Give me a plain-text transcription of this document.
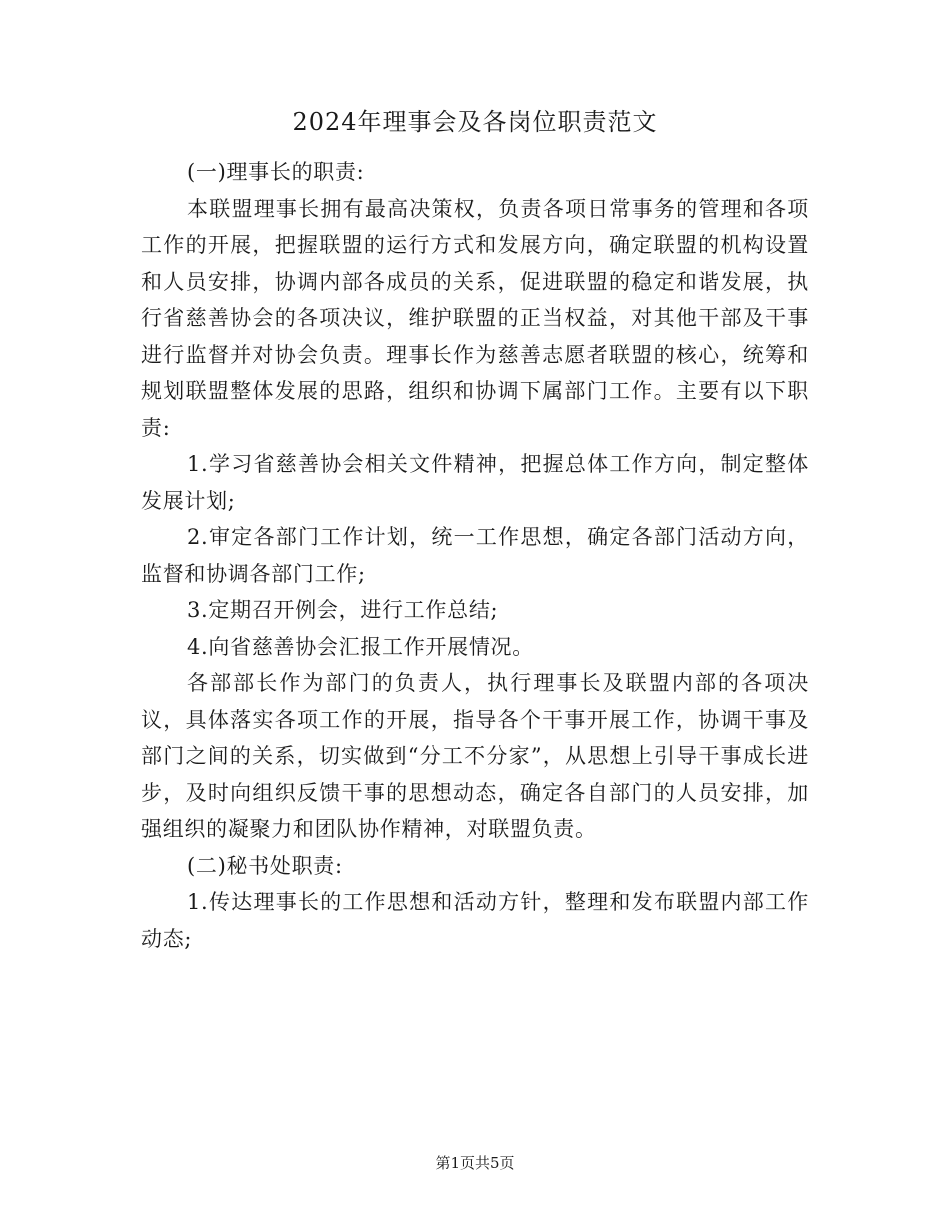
2024年理事会及各岗位职责范文

(一)理事长的职责:

本联盟理事长拥有最高决策权，负责各项日常事务的管理和各项工作的开展，把握联盟的运行方式和发展方向，确定联盟的机构设置和人员安排，协调内部各成员的关系，促进联盟的稳定和谐发展，执行省慈善协会的各项决议，维护联盟的正当权益，对其他干部及干事进行监督并对协会负责。理事长作为慈善志愿者联盟的核心，统筹和规划联盟整体发展的思路，组织和协调下属部门工作。主要有以下职责:

1.学习省慈善协会相关文件精神，把握总体工作方向，制定整体发展计划;

2.审定各部门工作计划，统一工作思想，确定各部门活动方向，监督和协调各部门工作;

3.定期召开例会，进行工作总结;

4.向省慈善协会汇报工作开展情况。

各部部长作为部门的负责人，执行理事长及联盟内部的各项决议，具体落实各项工作的开展，指导各个干事开展工作，协调干事及部门之间的关系，切实做到“分工不分家”，从思想上引导干事成长进步，及时向组织反馈干事的思想动态，确定各自部门的人员安排，加强组织的凝聚力和团队协作精神，对联盟负责。

(二)秘书处职责:

1.传达理事长的工作思想和活动方针，整理和发布联盟内部工作动态;

第1页共5页
